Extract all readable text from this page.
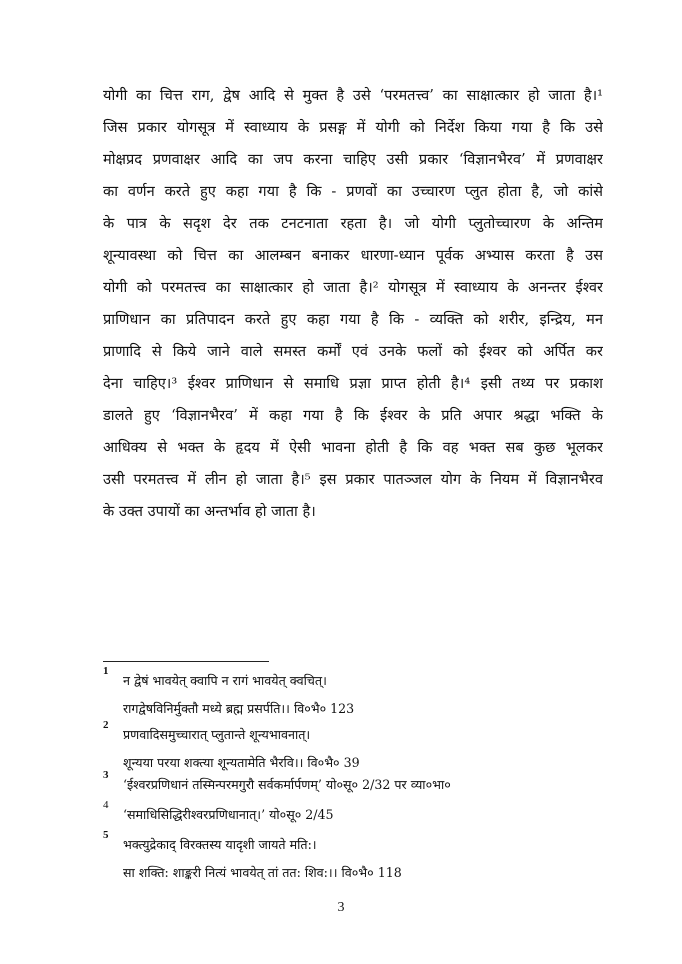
योगी का चित्त राग, द्वेष आदि से मुक्त है उसे ‘परमतत्त्व’ का साक्षात्कार हो जाता है।¹
जिस प्रकार योगसूत्र में स्वाध्याय के प्रसङ्ग में योगी को निर्देश किया गया है कि उसे
मोक्षप्रद प्रणवाक्षर आदि का जप करना चाहिए उसी प्रकार ‘विज्ञानभैरव’ में प्रणवाक्षर
का वर्णन करते हुए कहा गया है कि - प्रणवों का उच्चारण प्लुत होता है, जो कांसे
के पात्र के सदृश देर तक टनटनाता रहता है। जो योगी प्लुतोच्चारण के अन्तिम
शून्यावस्था को चित्त का आलम्बन बनाकर धारणा-ध्यान पूर्वक अभ्यास करता है उस
योगी को परमतत्त्व का साक्षात्कार हो जाता है।² योगसूत्र में स्वाध्याय के अनन्तर ईश्वर
प्राणिधान का प्रतिपादन करते हुए कहा गया है कि - व्यक्ति को शरीर, इन्द्रिय, मन
प्राणादि से किये जाने वाले समस्त कर्मों एवं उनके फलों को ईश्वर को अर्पित कर
देना चाहिए।³ ईश्वर प्राणिधान से समाधि प्रज्ञा प्राप्त होती है।⁴ इसी तथ्य पर प्रकाश
डालते हुए ‘विज्ञानभैरव’ में कहा गया है कि ईश्वर के प्रति अपार श्रद्धा भक्ति के
आधिक्य से भक्त के हृदय में ऐसी भावना होती है कि वह भक्त सब कुछ भूलकर
उसी परमतत्त्व में लीन हो जाता है।⁵ इस प्रकार पातञ्जल योग के नियम में विज्ञानभैरव
के उक्त उपायों का अन्तर्भाव हो जाता है।
1
न द्वेषं भावयेत् क्वापि न रागं भावयेत् क्वचित्।
रागद्वेषविनिर्मुक्तौ मध्ये ब्रह्म प्रसर्पति।। वि०भै० 123
2
प्रणवादिसमुच्चारात् प्लुतान्ते शून्यभावनात्।
शून्यया परया शक्त्या शून्यतामेति भैरवि।। वि०भै० 39
3
‘ईश्वरप्रणिधानं तस्मिन्परमगुरौ सर्वकर्मार्पणम्’ यो०सू० 2/32 पर व्या०भा०
4
‘समाधिसिद्धिरीश्वरप्रणिधानात्।’ यो०सू० 2/45
5
भक्त्युद्रेकाद् विरक्तस्य यादृशी जायते मति:।
सा शक्ति: शाङ्करी नित्यं भावयेत् तां तत: शिव:।। वि०भै० 118
3
